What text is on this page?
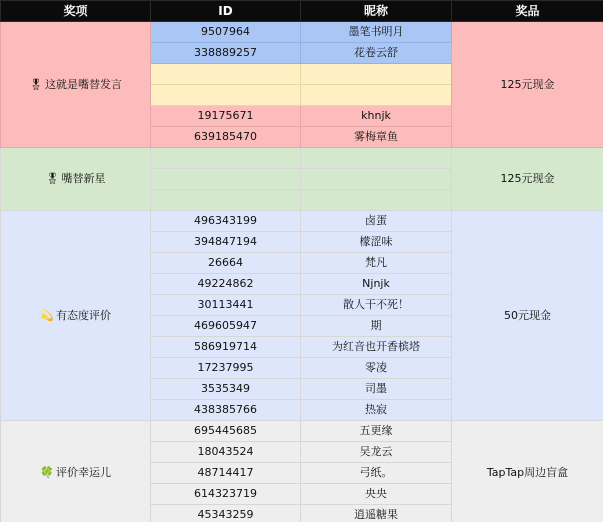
奖项	ID	昵称	奖品
🎖 这就是嘴替发言	9507964	墨笔书明月	125元现金
	338889257	花卷云舒	

	19175671	khnjk	
	639185470	雾梅章鱼	
🎖 嘴替新星			125元现金

💫 有态度评价	496343199	卤蛋	50元现金
	394847194	檬涩味	
	26664	梵凡	
	49224862	Njnjk	
	30113441	散人干不死！	
	469605947	期	
	586919714	为红音也开香槟塔	
	17237995	零凌	
	3535349	司墨	
	438385766	热寂	
🍀 评价幸运儿	695445685	五更缘	TapTap周边盲盒
	18043524	吴龙云	
	48714417	弓纸。	
	614323719	央央	
	45343259	逍遥糖果	
